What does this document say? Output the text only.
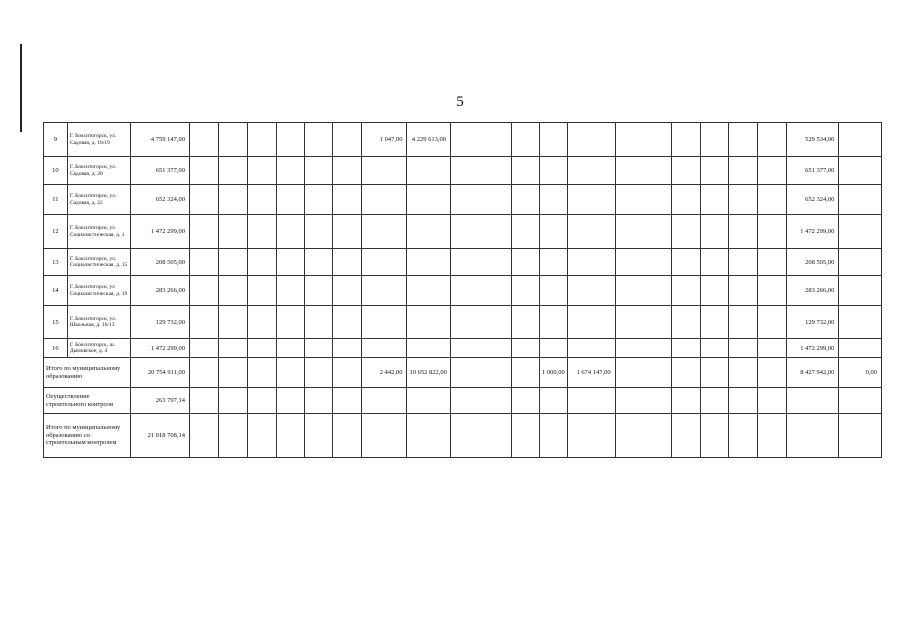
5
9	Г. Бокситогорск, ул. Садовая, д. 16/19	4 759 147,00							1 047,00	4 229 613,00										529 534,00	
10	Г. Бокситогорск, ул. Садовая, д. 20	651 377,00																		651 377,00	
11	Г. Бокситогорск, ул. Садовая, д. 22	652 324,00																		652 324,00	
12	Г. Бокситогорск, ул Социалистическая, д. 1	1 472 299,00																		1 472 299,00	
13	Г. Бокситогорск, ул. Социалистическая, д. 15	208 505,00																		208 505,00	
14	Г. Бокситогорск, ул Социалистическая, д. 19	283 266,00																		283 266,00	
15	Г. Бокситогорск, ул. Школьная, д. 16/13	129 732,00																		129 732,00	
16	Г. Бокситогорск, ш. Дымовское, д. 4	1 472 299,00																		1 472 299,00	
Итого по муниципальному образованию		20 754 911,00							2 442,00	10 652 822,00			1 000,00	1 674 147,00						8 427 942,00	0,00
Осуществление строительного контроля		263 797,14																			
Итого по муниципальному образованию со строительным контролем		21 018 708,14																			
